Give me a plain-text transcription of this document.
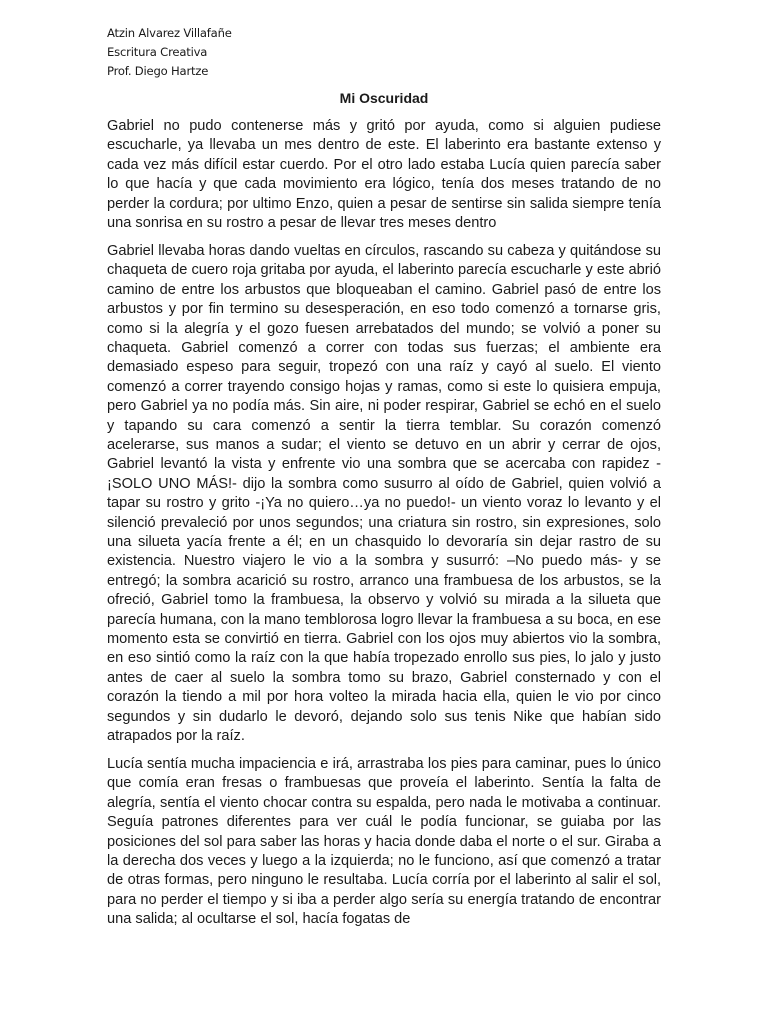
Atzin Alvarez Villafañe

Escritura Creativa

Prof. Diego Hartze

Mi Oscuridad

Gabriel no pudo contenerse más y gritó por ayuda, como si alguien pudiese escucharle, ya llevaba un mes dentro de este. El laberinto era bastante extenso y cada vez más difícil estar cuerdo. Por el otro lado estaba Lucía quien parecía saber lo que hacía y que cada movimiento era lógico, tenía dos meses tratando de no perder la cordura; por ultimo Enzo, quien a pesar de sentirse sin salida siempre tenía una sonrisa en su rostro a pesar de llevar tres meses dentro

Gabriel llevaba horas dando vueltas en círculos, rascando su cabeza y quitándose su chaqueta de cuero roja gritaba por ayuda, el laberinto parecía escucharle y este abrió camino de entre los arbustos que bloqueaban el camino. Gabriel pasó de entre los arbustos y por fin termino su desesperación, en eso todo comenzó a tornarse gris, como si la alegría y el gozo fuesen arrebatados del mundo; se volvió a poner su chaqueta. Gabriel comenzó a correr con todas sus fuerzas; el ambiente era demasiado espeso para seguir, tropezó con una raíz y cayó al suelo. El viento comenzó a correr trayendo consigo hojas y ramas, como si este lo quisiera empuja, pero Gabriel ya no podía más. Sin aire, ni poder respirar, Gabriel se echó en el suelo y tapando su cara comenzó a sentir la tierra temblar. Su corazón comenzó acelerarse, sus manos a sudar; el viento se detuvo en un abrir y cerrar de ojos, Gabriel levantó la vista y enfrente vio una sombra que se acercaba con rapidez -¡SOLO UNO MÁS!- dijo la sombra como susurro al oído de Gabriel, quien volvió a tapar su rostro y grito -¡Ya no quiero…ya no puedo!- un viento voraz lo levanto y el silenció prevaleció por unos segundos; una criatura sin rostro, sin expresiones, solo una silueta yacía frente a él; en un chasquido lo devoraría sin dejar rastro de su existencia. Nuestro viajero le vio a la sombra y susurró: –No puedo más- y se entregó; la sombra acarició su rostro, arranco una frambuesa de los arbustos, se la ofreció, Gabriel tomo la frambuesa, la observo y volvió su mirada a la silueta que parecía humana, con la mano temblorosa logro llevar la frambuesa a su boca, en ese momento esta se convirtió en tierra. Gabriel con los ojos muy abiertos vio la sombra, en eso sintió como la raíz con la que había tropezado enrollo sus pies, lo jalo y justo antes de caer al suelo la sombra tomo su brazo, Gabriel consternado y con el corazón la tiendo a mil por hora volteo la mirada hacia ella, quien le vio por cinco segundos y sin dudarlo le devoró, dejando solo sus tenis Nike que habían sido atrapados por la raíz.

Lucía sentía mucha impaciencia e irá, arrastraba los pies para caminar, pues lo único que comía eran fresas o frambuesas que proveía el laberinto. Sentía la falta de alegría, sentía el viento chocar contra su espalda, pero nada le motivaba a continuar. Seguía patrones diferentes para ver cuál le podía funcionar, se guiaba por las posiciones del sol para saber las horas y hacia donde daba el norte o el sur. Giraba a la derecha dos veces y luego a la izquierda; no le funciono, así que comenzó a tratar de otras formas, pero ninguno le resultaba. Lucía corría por el laberinto al salir el sol, para no perder el tiempo y si iba a perder algo sería su energía tratando de encontrar una salida; al ocultarse el sol, hacía fogatas de
